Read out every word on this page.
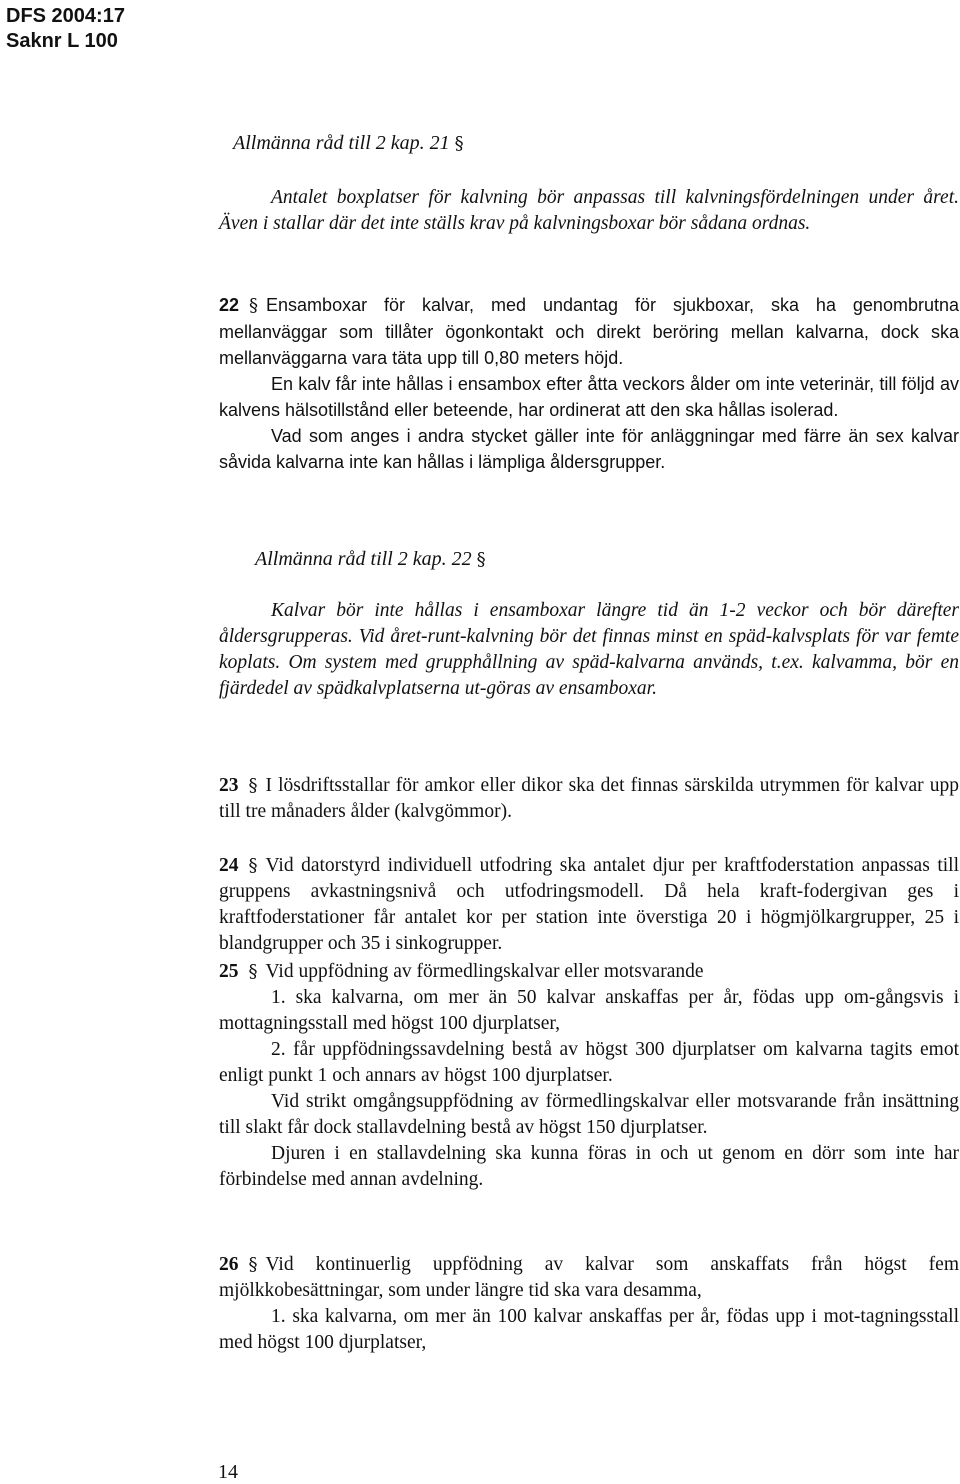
DFS 2004:17
Saknr L 100
Allmänna råd till 2 kap. 21 §

Antalet boxplatser för kalvning bör anpassas till kalvningsfördelningen under året. Även i stallar där det inte ställs krav på kalvningsboxar bör sådana ordnas.

22 § Ensamboxar för kalvar, med undantag för sjukboxar, ska ha genombrutna mellanväggar som tillåter ögonkontakt och direkt beröring mellan kalvarna, dock ska mellanväggarna vara täta upp till 0,80 meters höjd.

En kalv får inte hållas i ensambox efter åtta veckors ålder om inte veterinär, till följd av kalvens hälsotillstånd eller beteende, har ordinerat att den ska hållas isolerad.

Vad som anges i andra stycket gäller inte för anläggningar med färre än sex kalvar såvida kalvarna inte kan hållas i lämpliga åldersgrupper.

Allmänna råd till 2 kap. 22 §

Kalvar bör inte hållas i ensamboxar längre tid än 1-2 veckor och bör därefter åldersgrupperas. Vid året-runt-kalvning bör det finnas minst en späd-kalvsplats för var femte koplats. Om system med grupphållning av späd-kalvarna används, t.ex. kalvamma, bör en fjärdedel av spädkalvplatserna ut-göras av ensamboxar.

23 § I lösdriftsstallar för amkor eller dikor ska det finnas särskilda utrymmen för kalvar upp till tre månaders ålder (kalvgömmor).

24 § Vid datorstyrd individuell utfodring ska antalet djur per kraftfoderstation anpassas till gruppens avkastningsnivå och utfodringsmodell. Då hela kraft-fodergivan ges i kraftfoderstationer får antalet kor per station inte överstiga 20 i högmjölkargrupper, 25 i blandgrupper och 35 i sinkogrupper.

25 § Vid uppfödning av förmedlingskalvar eller motsvarande

1. ska kalvarna, om mer än 50 kalvar anskaffas per år, födas upp om-gångsvis i mottagningsstall med högst 100 djurplatser,

2. får uppfödningssavdelning bestå av högst 300 djurplatser om kalvarna tagits emot enligt punkt 1 och annars av högst 100 djurplatser.

Vid strikt omgångsuppfödning av förmedlingskalvar eller motsvarande från insättning till slakt får dock stallavdelning bestå av högst 150 djurplatser.

Djuren i en stallavdelning ska kunna föras in och ut genom en dörr som inte har förbindelse med annan avdelning.

26 § Vid kontinuerlig uppfödning av kalvar som anskaffats från högst fem mjölkkobesättningar, som under längre tid ska vara desamma,

1. ska kalvarna, om mer än 100 kalvar anskaffas per år, födas upp i mot-tagningsstall med högst 100 djurplatser,

14
